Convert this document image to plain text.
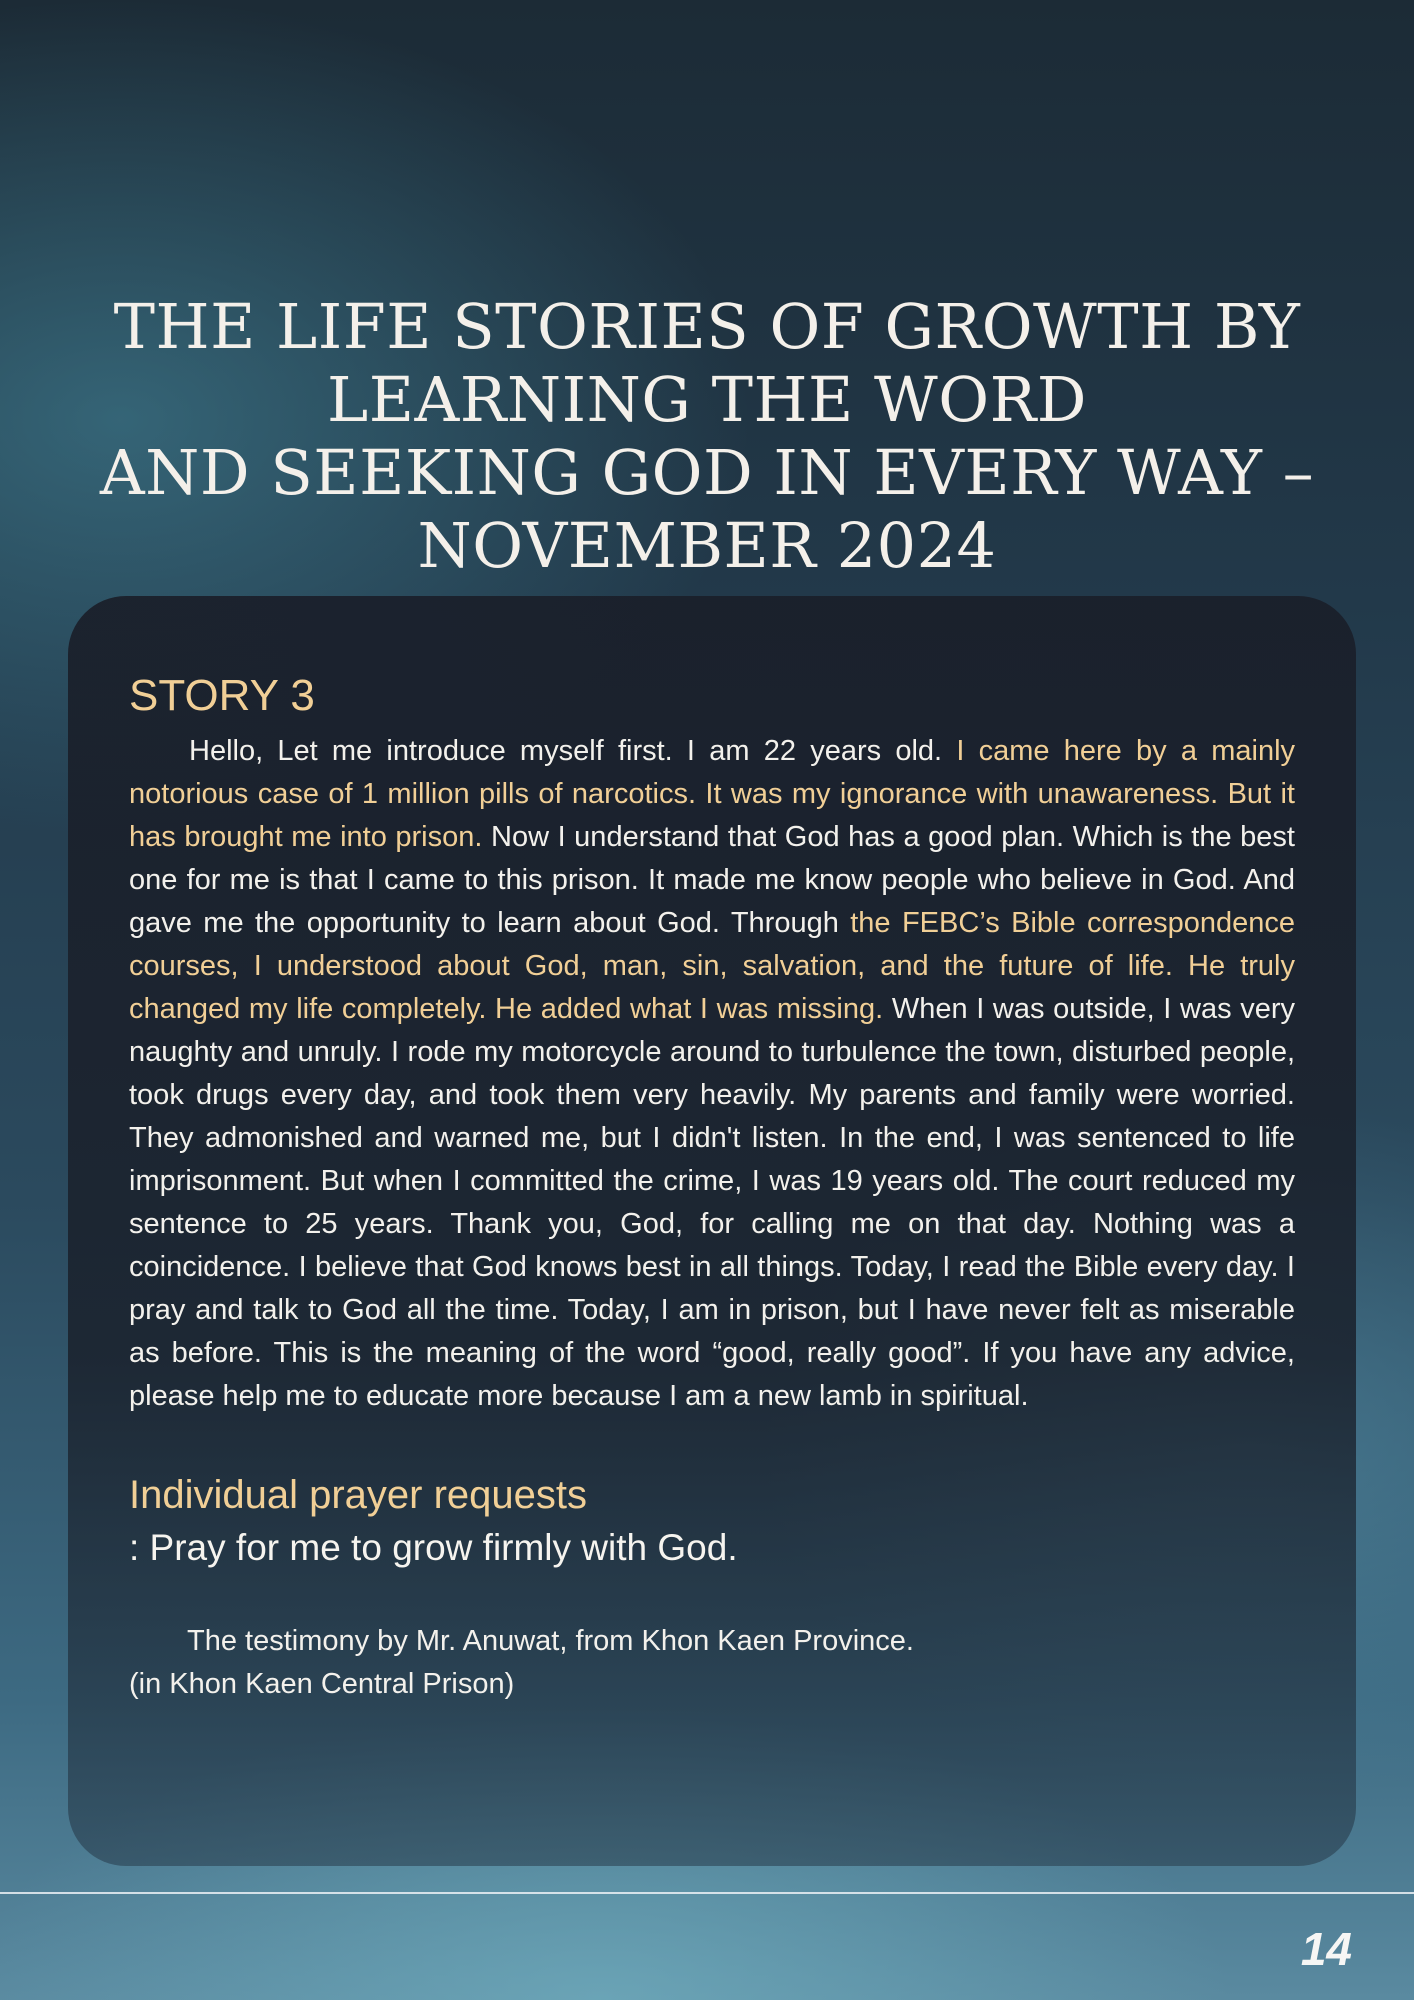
THE LIFE STORIES OF GROWTH BY
LEARNING THE WORD
AND SEEKING GOD IN EVERY WAY –
NOVEMBER 2024
STORY 3

Hello, Let me introduce myself first. I am 22 years old. I came here by a mainly notorious case of 1 million pills of narcotics. It was my ignorance with unawareness. But it has brought me into prison. Now I understand that God has a good plan. Which is the best one for me is that I came to this prison. It made me know people who believe in God. And gave me the opportunity to learn about God. Through the FEBC’s Bible correspondence courses, I understood about God, man, sin, salvation, and the future of life. He truly changed my life completely. He added what I was missing. When I was outside, I was very naughty and unruly. I rode my motorcycle around to turbulence the town, disturbed people, took drugs every day, and took them very heavily. My parents and family were worried. They admonished and warned me, but I didn't listen. In the end, I was sentenced to life imprisonment. But when I committed the crime, I was 19 years old. The court reduced my sentence to 25 years. Thank you, God, for calling me on that day. Nothing was a coincidence. I believe that God knows best in all things. Today, I read the Bible every day. I pray and talk to God all the time. Today, I am in prison, but I have never felt as miserable as before. This is the meaning of the word “good, really good”. If you have any advice, please help me to educate more because I am a new lamb in spiritual.

Individual prayer requests

: Pray for me to grow firmly with God.

The testimony by Mr. Anuwat, from Khon Kaen Province.
(in Khon Kaen Central Prison)

14
